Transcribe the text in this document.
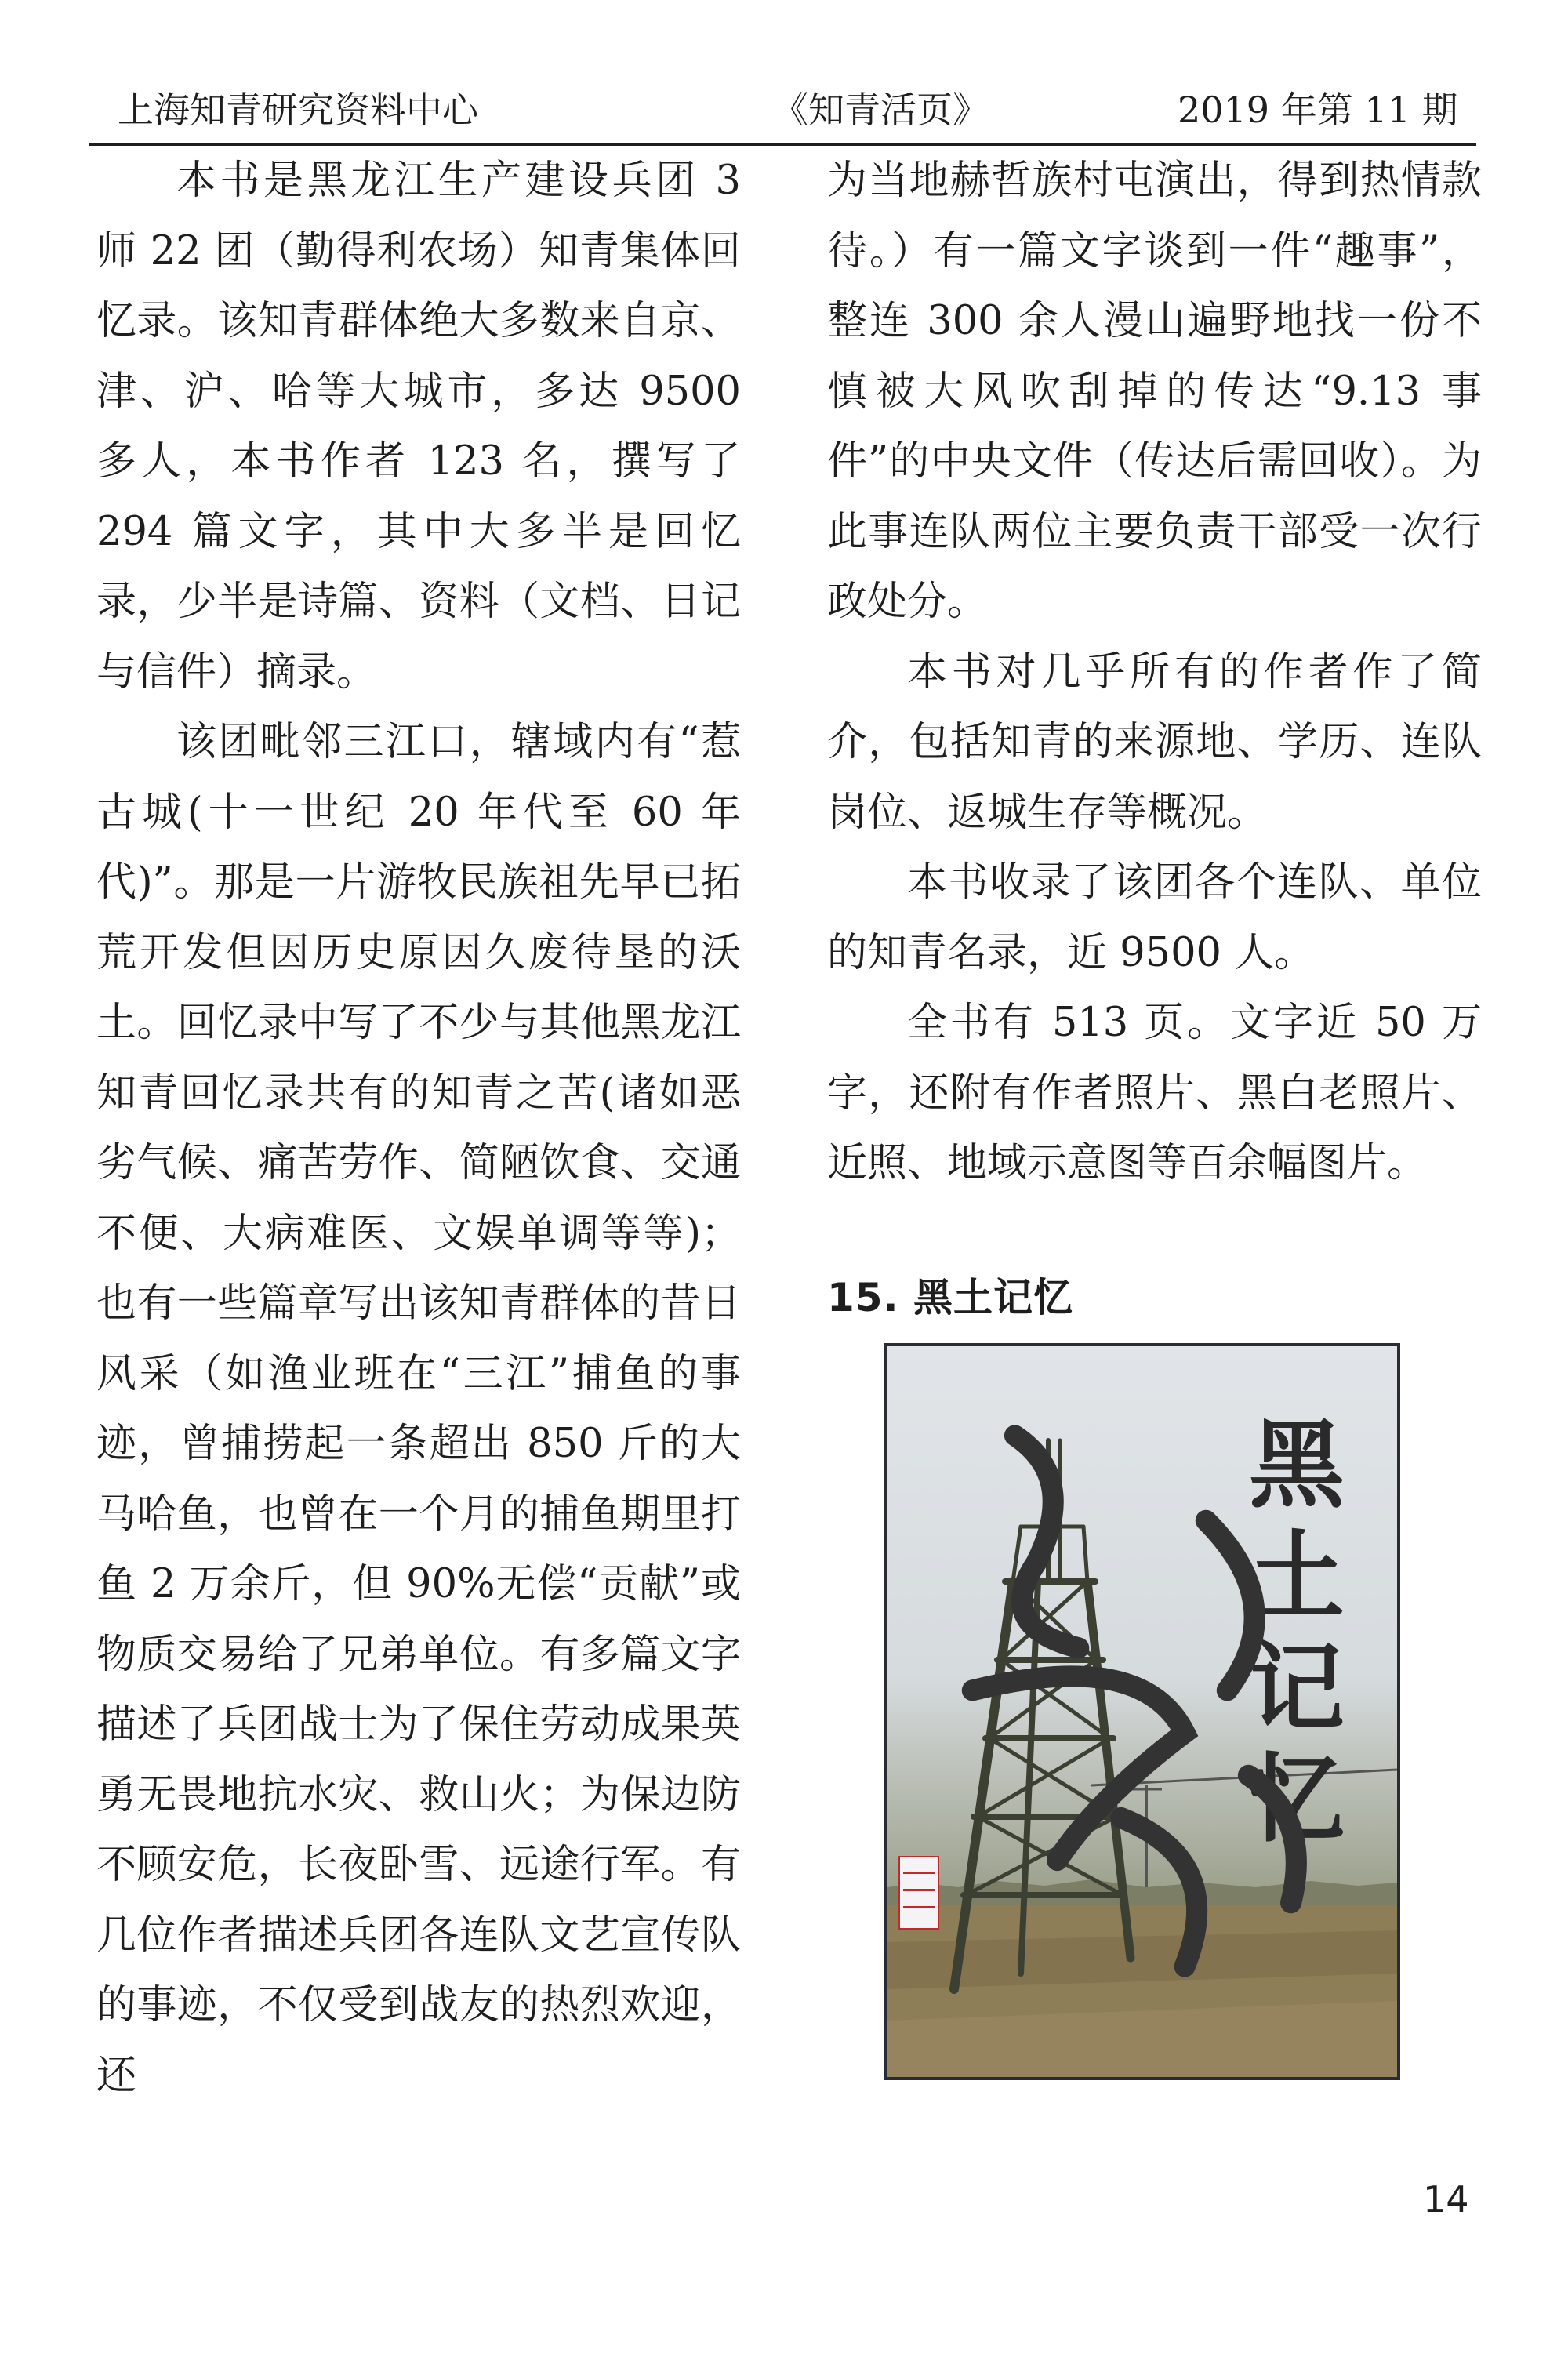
上海知青研究资料中心	《知青活页》	2019 年第 11 期

本书是黑龙江生产建设兵团 3 师 22 团（勤得利农场）知青集体回忆录。该知青群体绝大多数来自京、津、沪、哈等大城市，多达 9500 多人，本书作者 123 名，撰写了 294 篇文字，其中大多半是回忆录，少半是诗篇、资料（文档、日记与信件）摘录。

该团毗邻三江口，辖域内有“惹古城(十一世纪 20 年代至 60 年代)”。那是一片游牧民族祖先早已拓荒开发但因历史原因久废待垦的沃土。回忆录中写了不少与其他黑龙江知青回忆录共有的知青之苦(诸如恶劣气候、痛苦劳作、简陋饮食、交通不便、大病难医、文娱单调等等)；也有一些篇章写出该知青群体的昔日风采（如渔业班在“三江”捕鱼的事迹，曾捕捞起一条超出 850 斤的大马哈鱼，也曾在一个月的捕鱼期里打鱼 2 万余斤，但 90%无偿“贡献”或物质交易给了兄弟单位。有多篇文字描述了兵团战士为了保住劳动成果英勇无畏地抗水灾、救山火；为保边防不顾安危，长夜卧雪、远途行军。有几位作者描述兵团各连队文艺宣传队的事迹，不仅受到战友的热烈欢迎，还

为当地赫哲族村屯演出，得到热情款待。）有一篇文字谈到一件“趣事”，整连 300 余人漫山遍野地找一份不慎被大风吹刮掉的传达“9.13 事件”的中央文件（传达后需回收）。为此事连队两位主要负责干部受一次行政处分。

本书对几乎所有的作者作了简介，包括知青的来源地、学历、连队岗位、返城生存等概况。

本书收录了该团各个连队、单位的知青名录，近 9500 人。

全书有 513 页。文字近 50 万字，还附有作者照片、黑白老照片、近照、地域示意图等百余幅图片。

15. 黑土记忆
黑
土
记
忆
14
